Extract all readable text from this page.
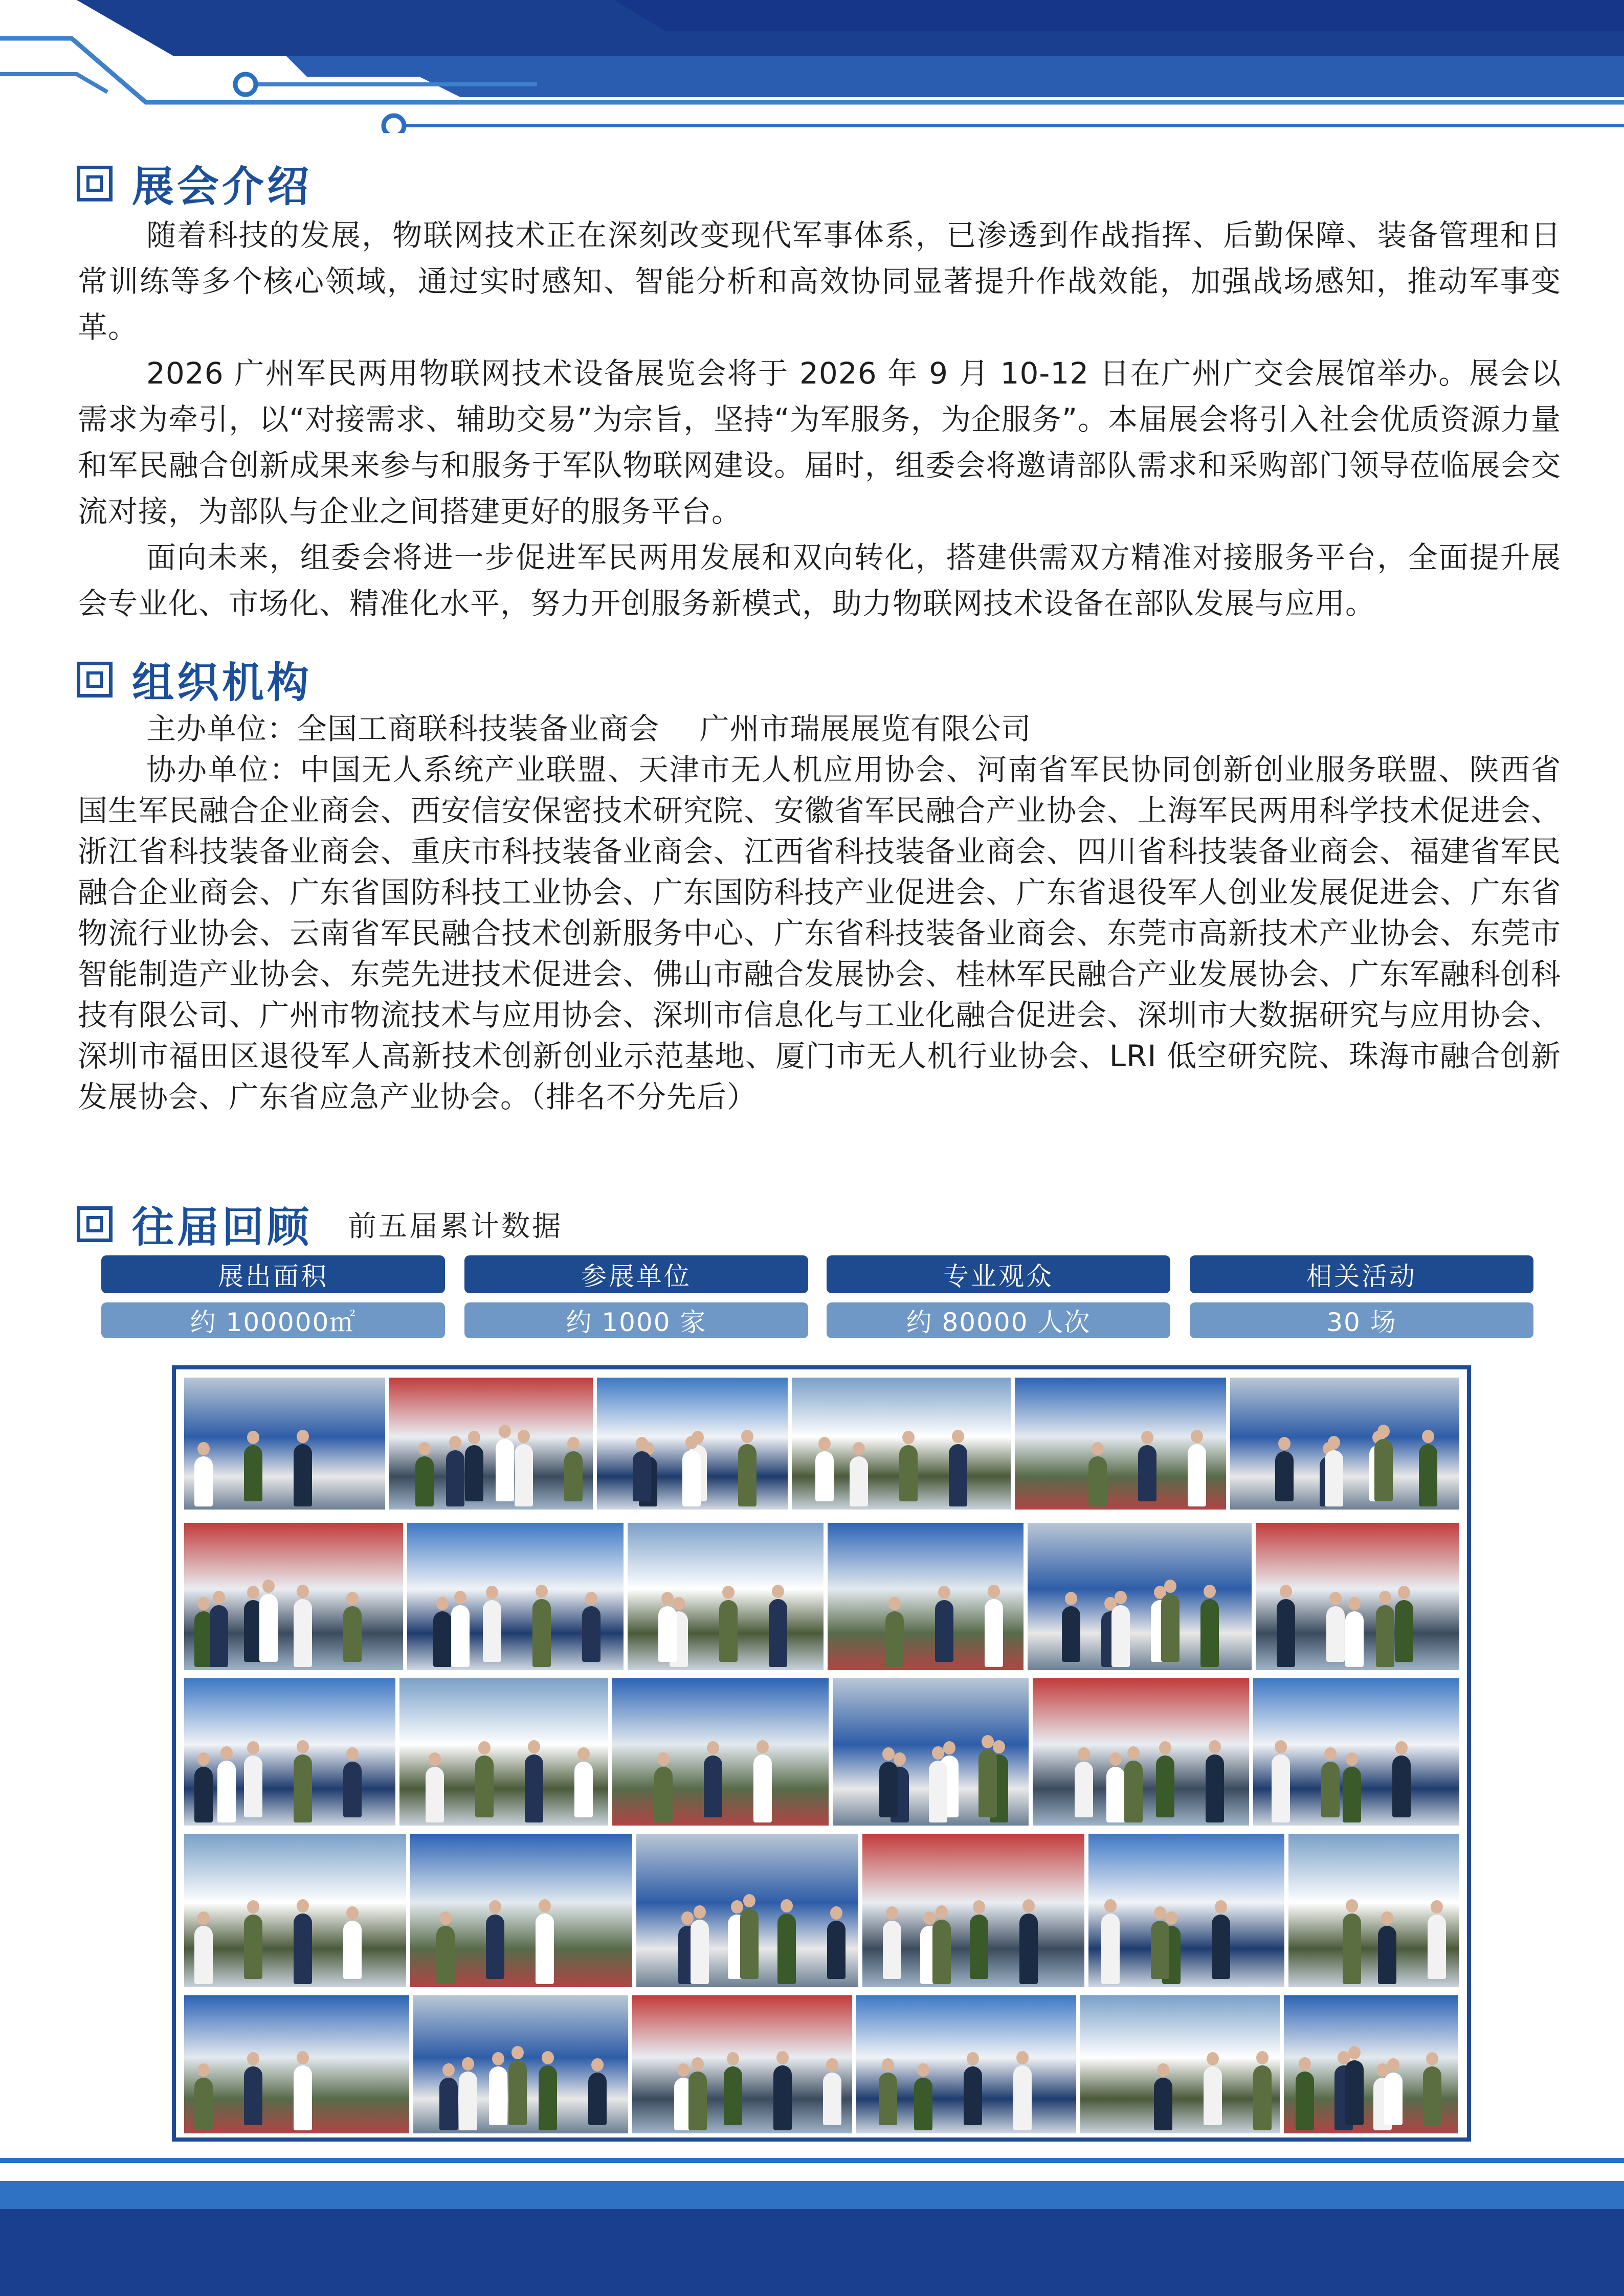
展会介绍

随着科技的发展，物联网技术正在深刻改变现代军事体系，已渗透到作战指挥、后勤保障、装备管理和日常训练等多个核心领域，通过实时感知、智能分析和高效协同显著提升作战效能，加强战场感知，推动军事变革。

2026 广州军民两用物联网技术设备展览会将于 2026 年 9 月 10-12 日在广州广交会展馆举办。展会以需求为牵引，以“对接需求、辅助交易”为宗旨，坚持“为军服务，为企服务”。本届展会将引入社会优质资源力量和军民融合创新成果来参与和服务于军队物联网建设。届时，组委会将邀请部队需求和采购部门领导莅临展会交流对接，为部队与企业之间搭建更好的服务平台。

面向未来，组委会将进一步促进军民两用发展和双向转化，搭建供需双方精准对接服务平台，全面提升展会专业化、市场化、精准化水平，努力开创服务新模式，助力物联网技术设备在部队发展与应用。

组织机构

主办单位：全国工商联科技装备业商会　 广州市瑞展展览有限公司

协办单位：中国无人系统产业联盟、天津市无人机应用协会、河南省军民协同创新创业服务联盟、陕西省国生军民融合企业商会、西安信安保密技术研究院、安徽省军民融合产业协会、上海军民两用科学技术促进会、浙江省科技装备业商会、重庆市科技装备业商会、江西省科技装备业商会、四川省科技装备业商会、福建省军民融合企业商会、广东省国防科技工业协会、广东国防科技产业促进会、广东省退役军人创业发展促进会、广东省物流行业协会、云南省军民融合技术创新服务中心、广东省科技装备业商会、东莞市高新技术产业协会、东莞市智能制造产业协会、东莞先进技术促进会、佛山市融合发展协会、桂林军民融合产业发展协会、广东军融科创科技有限公司、广州市物流技术与应用协会、深圳市信息化与工业化融合促进会、深圳市大数据研究与应用协会、深圳市福田区退役军人高新技术创新创业示范基地、厦门市无人机行业协会、LRI 低空研究院、珠海市融合创新发展协会、广东省应急产业协会。（排名不分先后）

往届回顾 前五届累计数据
展出面积
约 100000㎡
参展单位
约 1000 家
专业观众
约 80000 人次
相关活动
30 场
